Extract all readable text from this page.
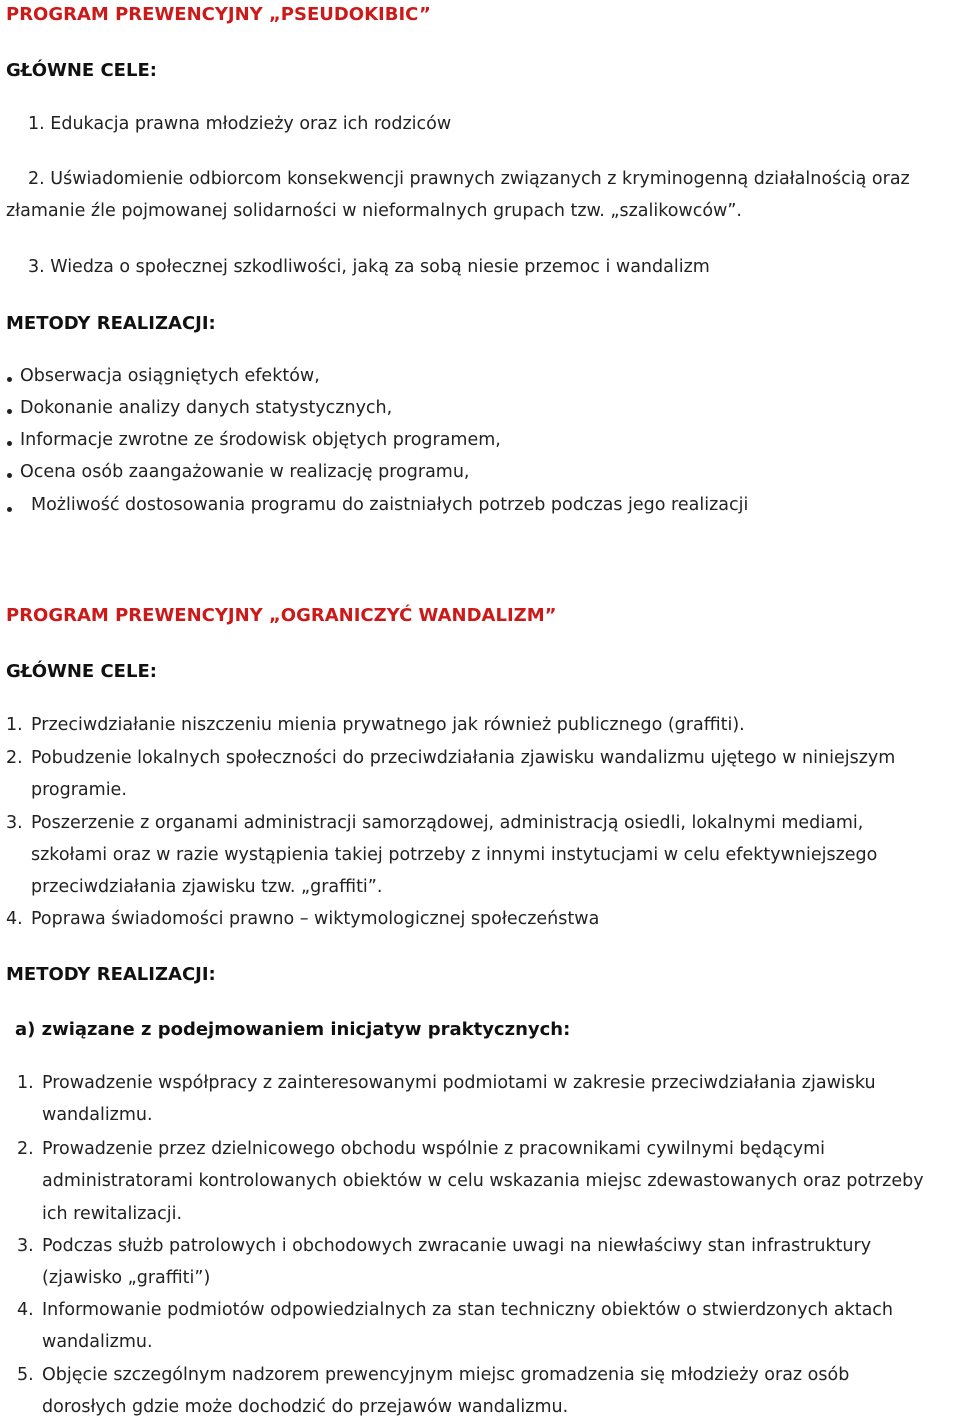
PROGRAM PREWENCYJNY „PSEUDOKIBIC”
GŁÓWNE CELE:
1. Edukacja prawna młodzieży oraz ich rodziców
2. Uświadomienie odbiorcom konsekwencji prawnych związanych z kryminogenną działalnością oraz
złamanie źle pojmowanej solidarności w nieformalnych grupach tzw. „szalikowców”.
3. Wiedza o społecznej szkodliwości, jaką za sobą niesie przemoc i wandalizm
METODY REALIZACJI:
Obserwacja osiągniętych efektów,
Dokonanie analizy danych statystycznych,
Informacje zwrotne ze środowisk objętych programem,
Ocena osób zaangażowanie w realizację programu,
Możliwość dostosowania programu do zaistniałych potrzeb podczas jego realizacji
PROGRAM PREWENCYJNY „OGRANICZYĆ WANDALIZM”
GŁÓWNE CELE:
1. Przeciwdziałanie niszczeniu mienia prywatnego jak również publicznego (graffiti).
2. Pobudzenie lokalnych społeczności do przeciwdziałania zjawisku wandalizmu ujętego w niniejszym
programie.
3. Poszerzenie z organami administracji samorządowej, administracją osiedli, lokalnymi mediami,
szkołami oraz w razie wystąpienia takiej potrzeby z innymi instytucjami w celu efektywniejszego
przeciwdziałania zjawisku tzw. „graffiti”.
4. Poprawa świadomości prawno – wiktymologicznej społeczeństwa
METODY REALIZACJI:
a) związane z podejmowaniem inicjatyw praktycznych:
1. Prowadzenie współpracy z zainteresowanymi podmiotami w zakresie przeciwdziałania zjawisku
wandalizmu.
2. Prowadzenie przez dzielnicowego obchodu wspólnie z pracownikami cywilnymi będącymi
administratorami kontrolowanych obiektów w celu wskazania miejsc zdewastowanych oraz potrzeby
ich rewitalizacji.
3. Podczas służb patrolowych i obchodowych zwracanie uwagi na niewłaściwy stan infrastruktury
(zjawisko „graffiti”)
4. Informowanie podmiotów odpowiedzialnych za stan techniczny obiektów o stwierdzonych aktach
wandalizmu.
5. Objęcie szczególnym nadzorem prewencyjnym miejsc gromadzenia się młodzieży oraz osób
dorosłych gdzie może dochodzić do przejawów wandalizmu.
